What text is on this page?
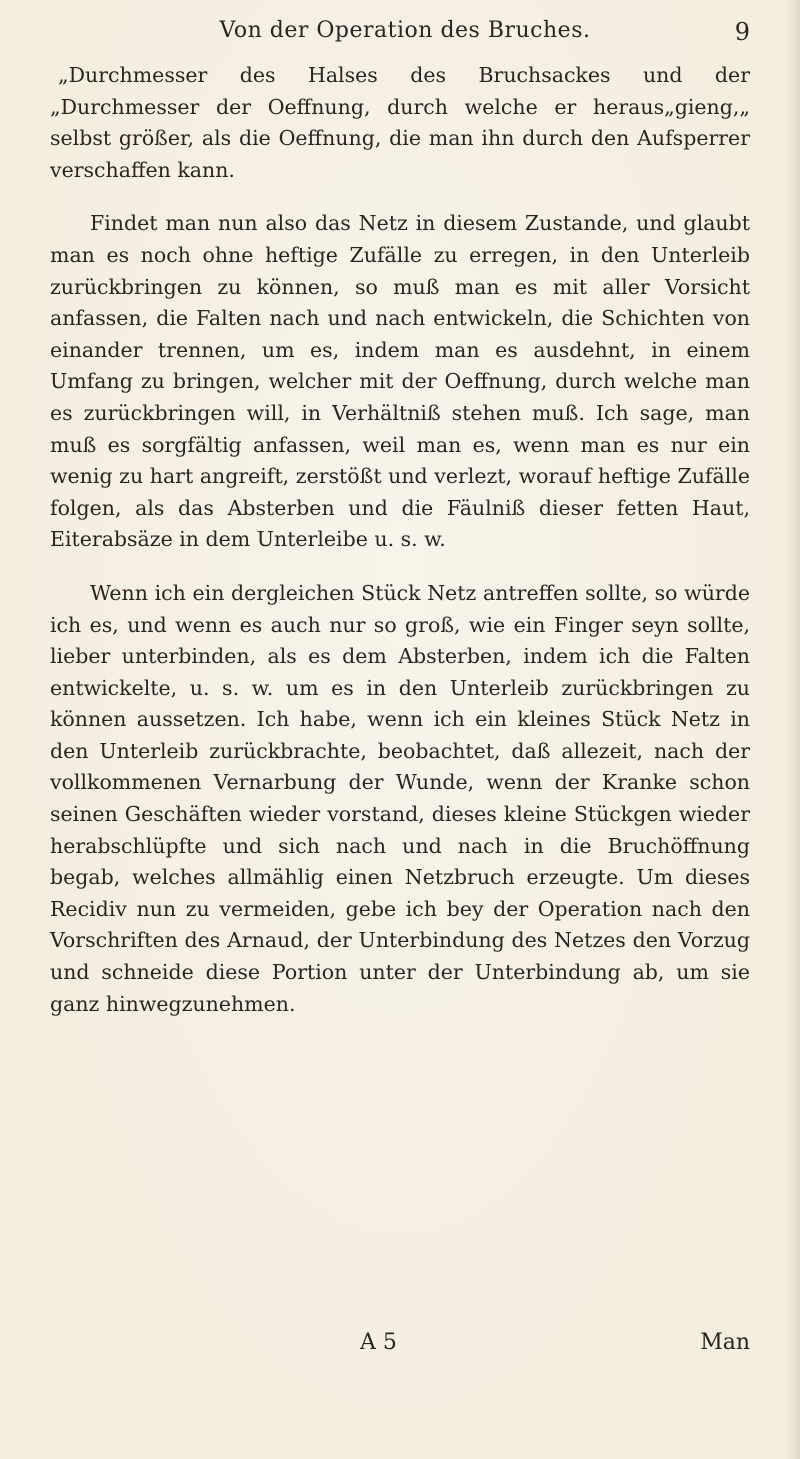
Von der Operation des Bruches.	9

„Durchmesser des Halses des Bruchsackes und der „Durchmesser der Oeffnung, durch welche er heraus„gieng,„ selbst größer, als die Oeffnung, die man ihn durch den Aufsperrer verschaffen kann.

Findet man nun also das Netz in diesem Zustande, und glaubt man es noch ohne heftige Zufälle zu erregen, in den Unterleib zurückbringen zu können, so muß man es mit aller Vorsicht anfassen, die Falten nach und nach entwickeln, die Schichten von einander trennen, um es, indem man es ausdehnt, in einem Umfang zu bringen, welcher mit der Oeffnung, durch welche man es zurückbringen will, in Verhältniß stehen muß. Ich sage, man muß es sorgfältig anfassen, weil man es, wenn man es nur ein wenig zu hart angreift, zerstößt und verlezt, worauf heftige Zufälle folgen, als das Absterben und die Fäulniß dieser fetten Haut, Eiterabsäze in dem Unterleibe u. s. w.

Wenn ich ein dergleichen Stück Netz antreffen sollte, so würde ich es, und wenn es auch nur so groß, wie ein Finger seyn sollte, lieber unterbinden, als es dem Absterben, indem ich die Falten entwickelte, u. s. w. um es in den Unterleib zurückbringen zu können aussetzen. Ich habe, wenn ich ein kleines Stück Netz in den Unterleib zurückbrachte, beobachtet, daß allezeit, nach der vollkommenen Vernarbung der Wunde, wenn der Kranke schon seinen Geschäften wieder vorstand, dieses kleine Stückgen wieder herabschlüpfte und sich nach und nach in die Bruchöffnung begab, welches allmählig einen Netzbruch erzeugte. Um dieses Recidiv nun zu vermeiden, gebe ich bey der Operation nach den Vorschriften des Arnaud, der Unterbindung des Netzes den Vorzug und schneide diese Portion unter der Unterbindung ab, um sie ganz hinwegzunehmen.

A 5	Man
